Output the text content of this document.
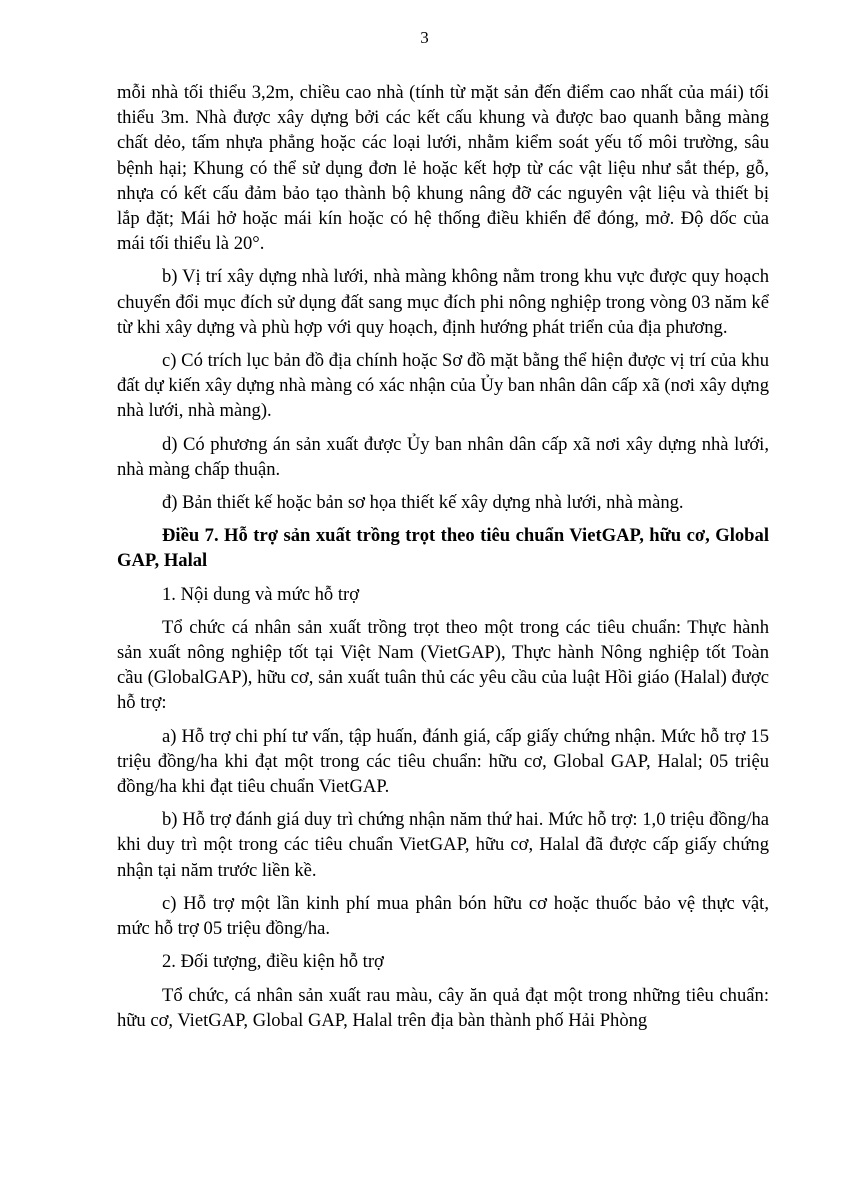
3

mỗi nhà tối thiểu 3,2m, chiều cao nhà (tính từ mặt sản đến điểm cao nhất của mái) tối thiểu 3m. Nhà được xây dựng bởi các kết cấu khung và được bao quanh bằng màng chất dẻo, tấm nhựa phẳng hoặc các loại lưới, nhằm kiểm soát yếu tố môi trường, sâu bệnh hại; Khung có thể sử dụng đơn lẻ hoặc kết hợp từ các vật liệu như sắt thép, gỗ, nhựa có kết cấu đảm bảo tạo thành bộ khung nâng đỡ các nguyên vật liệu và thiết bị lắp đặt; Mái hở hoặc mái kín hoặc có hệ thống điều khiển để đóng, mở. Độ dốc của mái tối thiểu là 20°.

b) Vị trí xây dựng nhà lưới, nhà màng không nằm trong khu vực được quy hoạch chuyển đổi mục đích sử dụng đất sang mục đích phi nông nghiệp trong vòng 03 năm kể từ khi xây dựng và phù hợp với quy hoạch, định hướng phát triển của địa phương.

c) Có trích lục bản đồ địa chính hoặc Sơ đồ mặt bằng thể hiện được vị trí của khu đất dự kiến xây dựng nhà màng có xác nhận của Ủy ban nhân dân cấp xã (nơi xây dựng nhà lưới, nhà màng).

d) Có phương án sản xuất được Ủy ban nhân dân cấp xã nơi xây dựng nhà lưới, nhà màng chấp thuận.

đ) Bản thiết kế hoặc bản sơ họa thiết kế xây dựng nhà lưới, nhà màng.

Điều 7. Hỗ trợ sản xuất trồng trọt theo tiêu chuẩn VietGAP, hữu cơ, Global GAP, Halal

1. Nội dung và mức hỗ trợ

Tổ chức cá nhân sản xuất trồng trọt theo một trong các tiêu chuẩn: Thực hành sản xuất nông nghiệp tốt tại Việt Nam (VietGAP), Thực hành Nông nghiệp tốt Toàn cầu (GlobalGAP), hữu cơ, sản xuất tuân thủ các yêu cầu của luật Hồi giáo (Halal) được hỗ trợ:

a) Hỗ trợ chi phí tư vấn, tập huấn, đánh giá, cấp giấy chứng nhận. Mức hỗ trợ 15 triệu đồng/ha khi đạt một trong các tiêu chuẩn: hữu cơ, Global GAP, Halal; 05 triệu đồng/ha khi đạt tiêu chuẩn VietGAP.

b) Hỗ trợ đánh giá duy trì chứng nhận năm thứ hai. Mức hỗ trợ: 1,0 triệu đồng/ha khi duy trì một trong các tiêu chuẩn VietGAP, hữu cơ, Halal đã được cấp giấy chứng nhận tại năm trước liền kề.

c) Hỗ trợ một lần kinh phí mua phân bón hữu cơ hoặc thuốc bảo vệ thực vật, mức hỗ trợ 05 triệu đồng/ha.

2. Đối tượng, điều kiện hỗ trợ

Tổ chức, cá nhân sản xuất rau màu, cây ăn quả đạt một trong những tiêu chuẩn: hữu cơ, VietGAP, Global GAP, Halal trên địa bàn thành phố Hải Phòng
